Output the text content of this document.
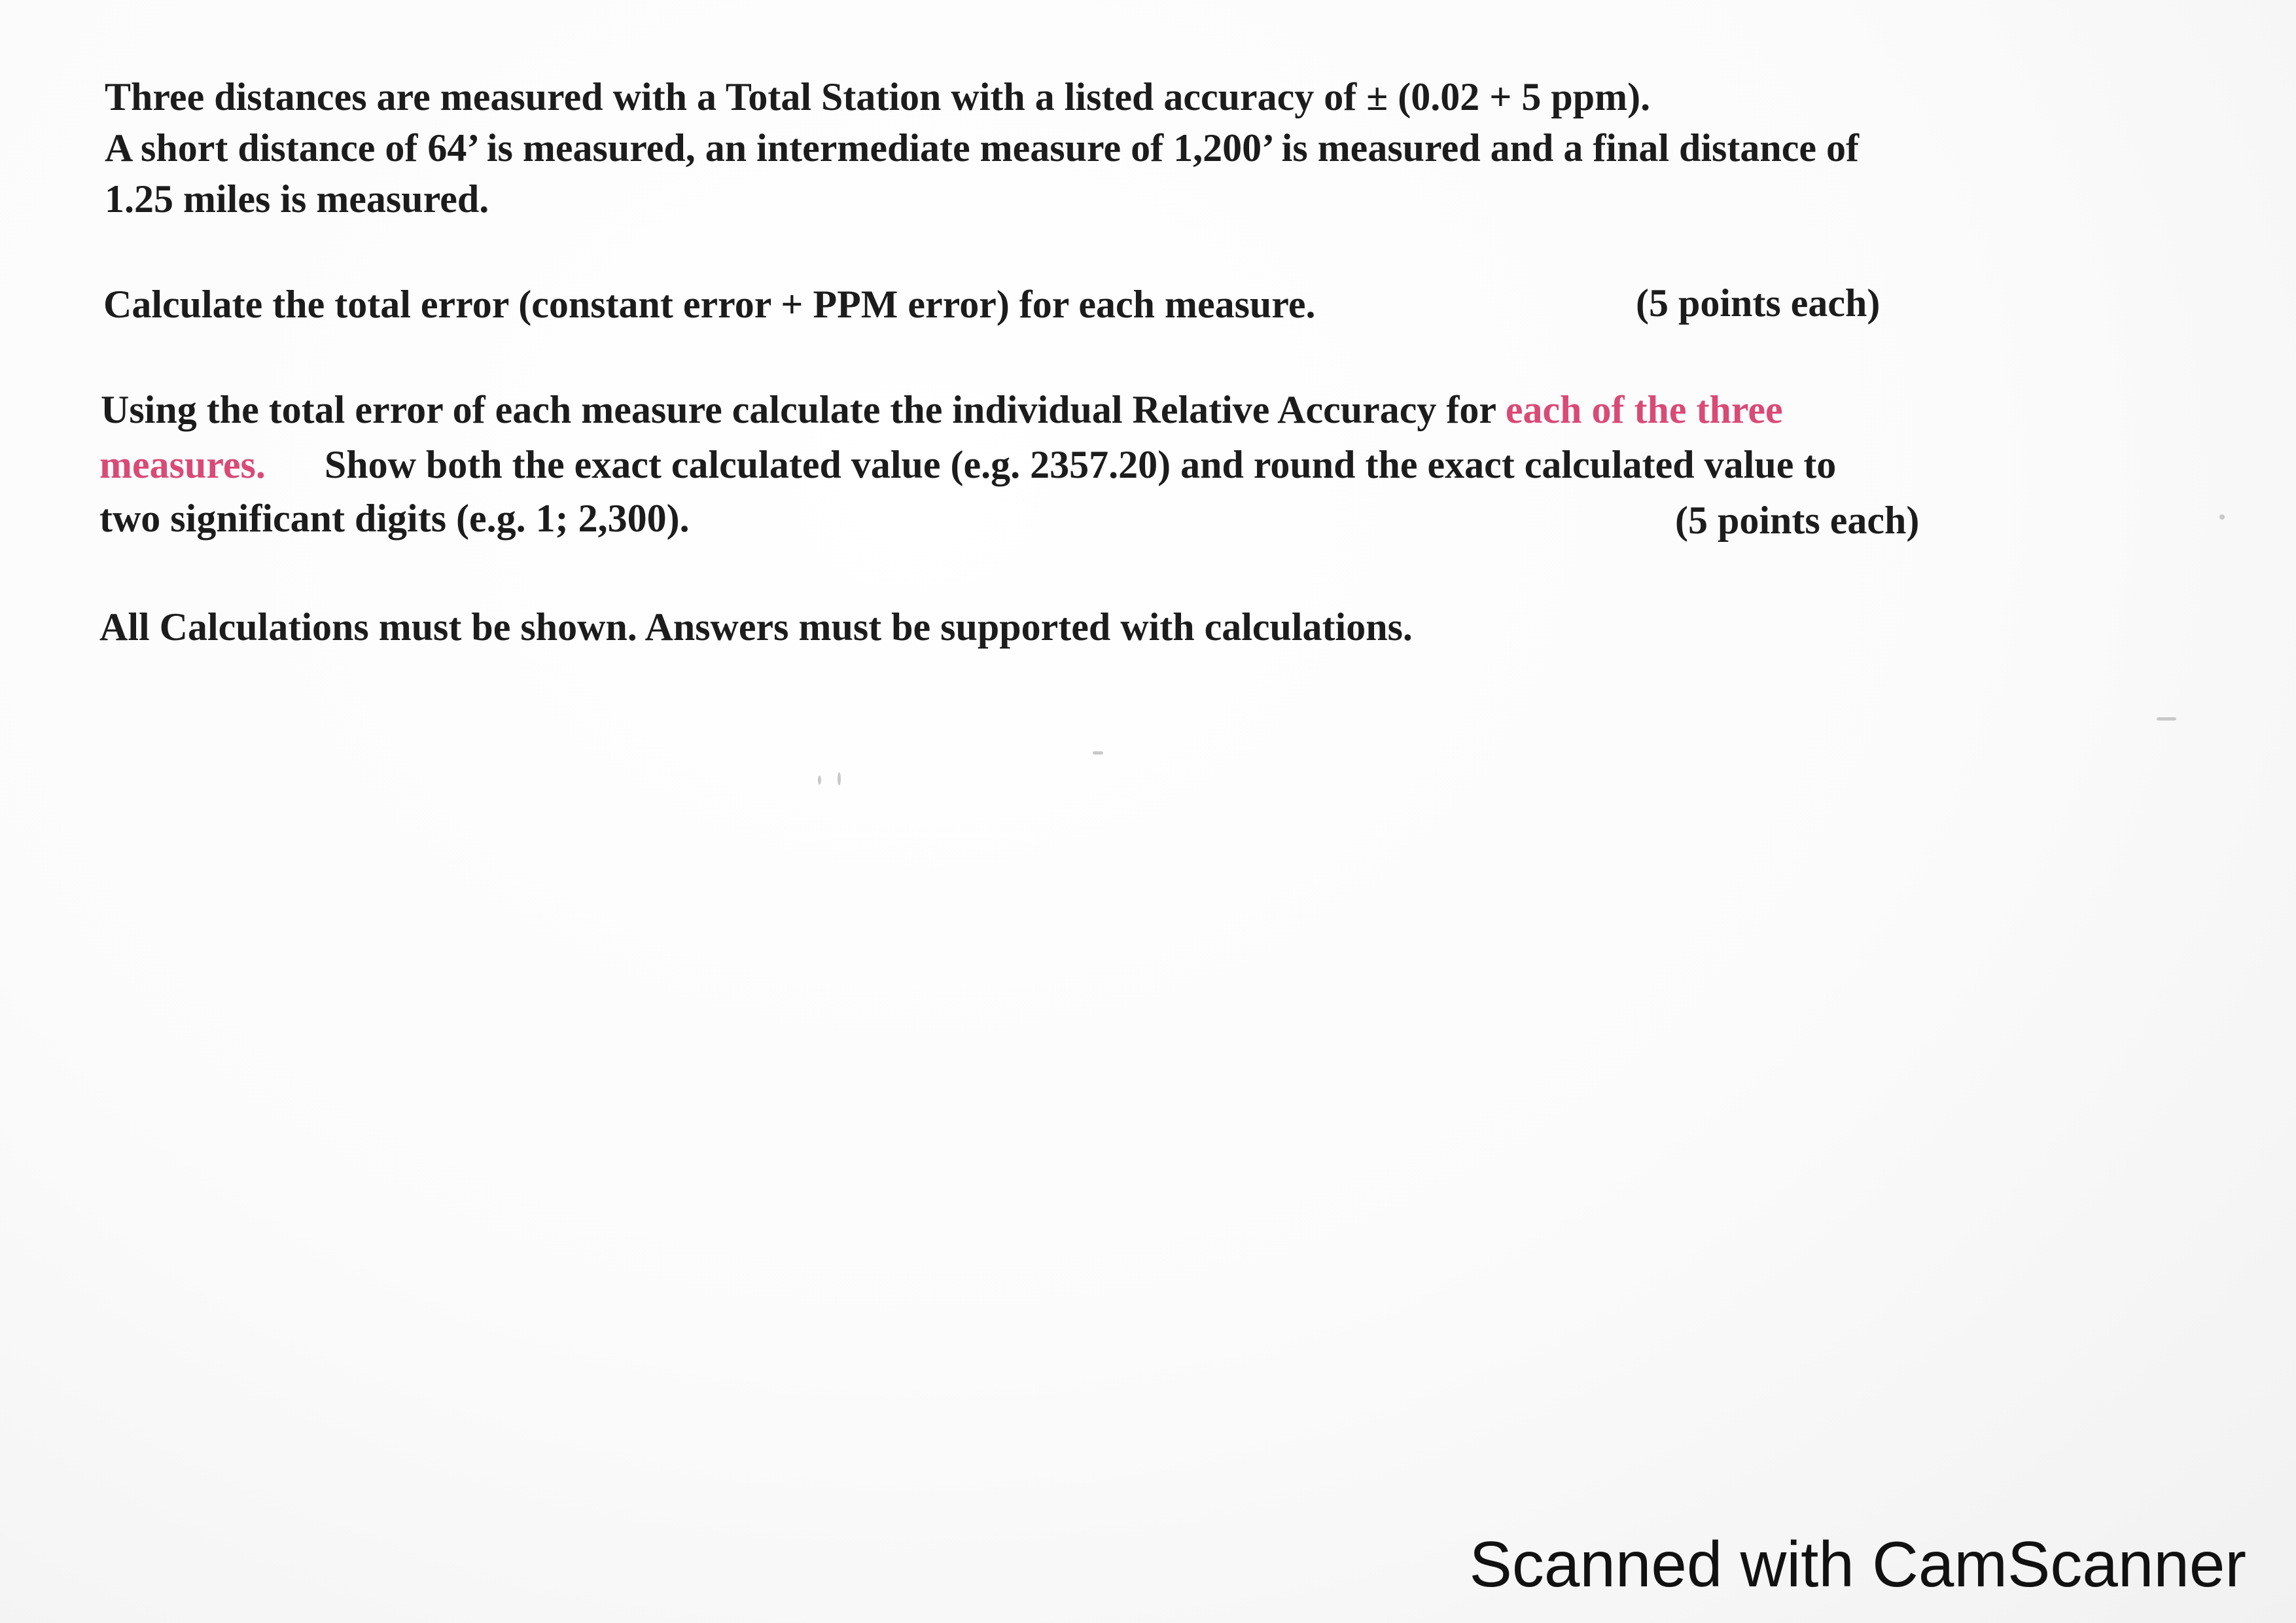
Three distances are measured with a Total Station with a listed accuracy of ± (0.02 + 5 ppm).
A short distance of 64’ is measured, an intermediate measure of 1,200’ is measured and a final distance of
1.25 miles is measured.
Calculate the total error (constant error + PPM error) for each measure.	(5 points each)
Using the total error of each measure calculate the individual Relative Accuracy for each of the three
measures. Show both the exact calculated value (e.g. 2357.20) and round the exact calculated value to
two significant digits (e.g. 1; 2,300).	(5 points each)
All Calculations must be shown. Answers must be supported with calculations.
Scanned with CamScanner
